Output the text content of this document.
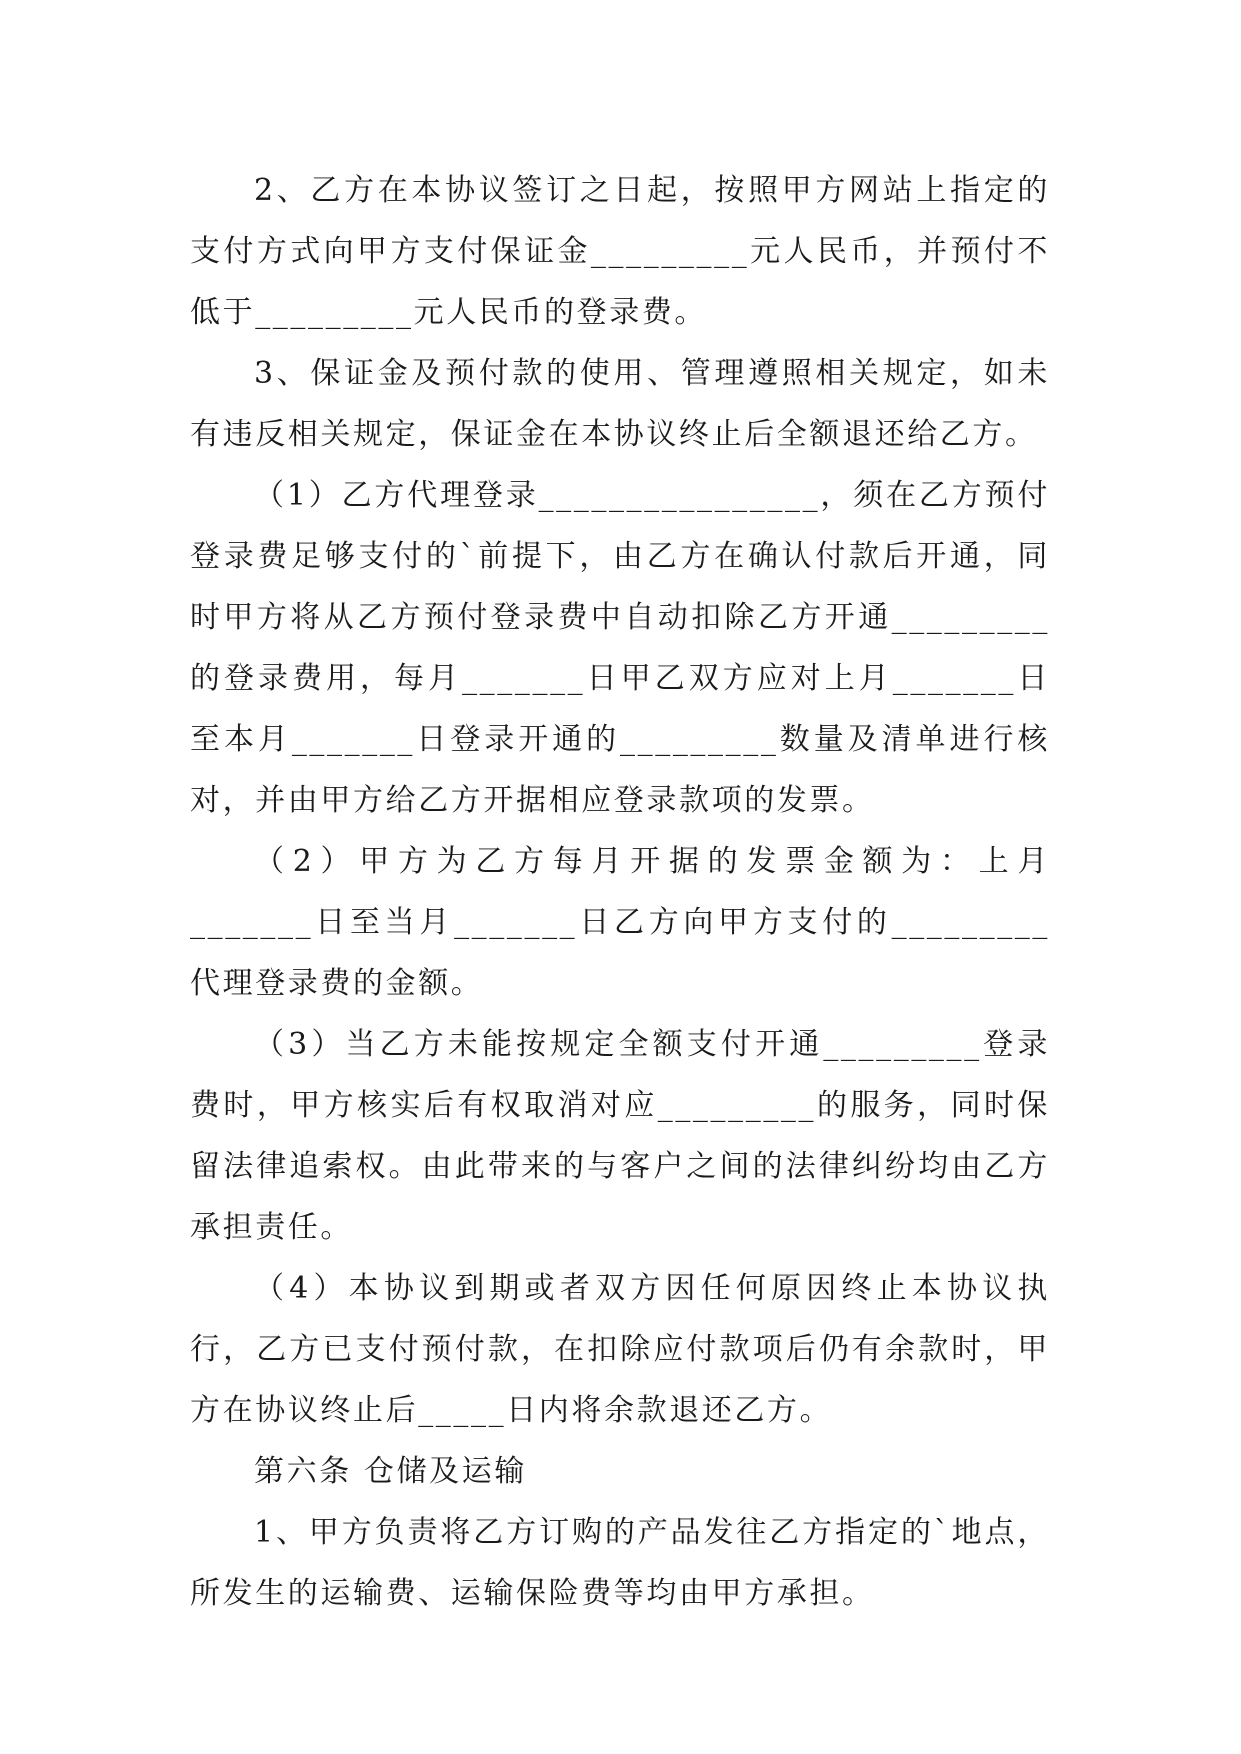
2、乙方在本协议签订之日起，按照甲方网站上指定的支付方式向甲方支付保证金_________元人民币，并预付不低于_________元人民币的登录费。

3、保证金及预付款的使用、管理遵照相关规定，如未有违反相关规定，保证金在本协议终止后全额退还给乙方。

（1）乙方代理登录________________，须在乙方预付登录费足够支付的`前提下，由乙方在确认付款后开通，同时甲方将从乙方预付登录费中自动扣除乙方开通_________的登录费用，每月_______日甲乙双方应对上月_______日至本月_______日登录开通的_________数量及清单进行核对，并由甲方给乙方开据相应登录款项的发票。

（2）甲方为乙方每月开据的发票金额为：上月_______日至当月_______日乙方向甲方支付的_________代理登录费的金额。

（3）当乙方未能按规定全额支付开通_________登录费时，甲方核实后有权取消对应_________的服务，同时保留法律追索权。由此带来的与客户之间的法律纠纷均由乙方承担责任。

（4）本协议到期或者双方因任何原因终止本协议执行，乙方已支付预付款，在扣除应付款项后仍有余款时，甲方在协议终止后_____日内将余款退还乙方。

第六条 仓储及运输

1、甲方负责将乙方订购的产品发往乙方指定的`地点，所发生的运输费、运输保险费等均由甲方承担。
